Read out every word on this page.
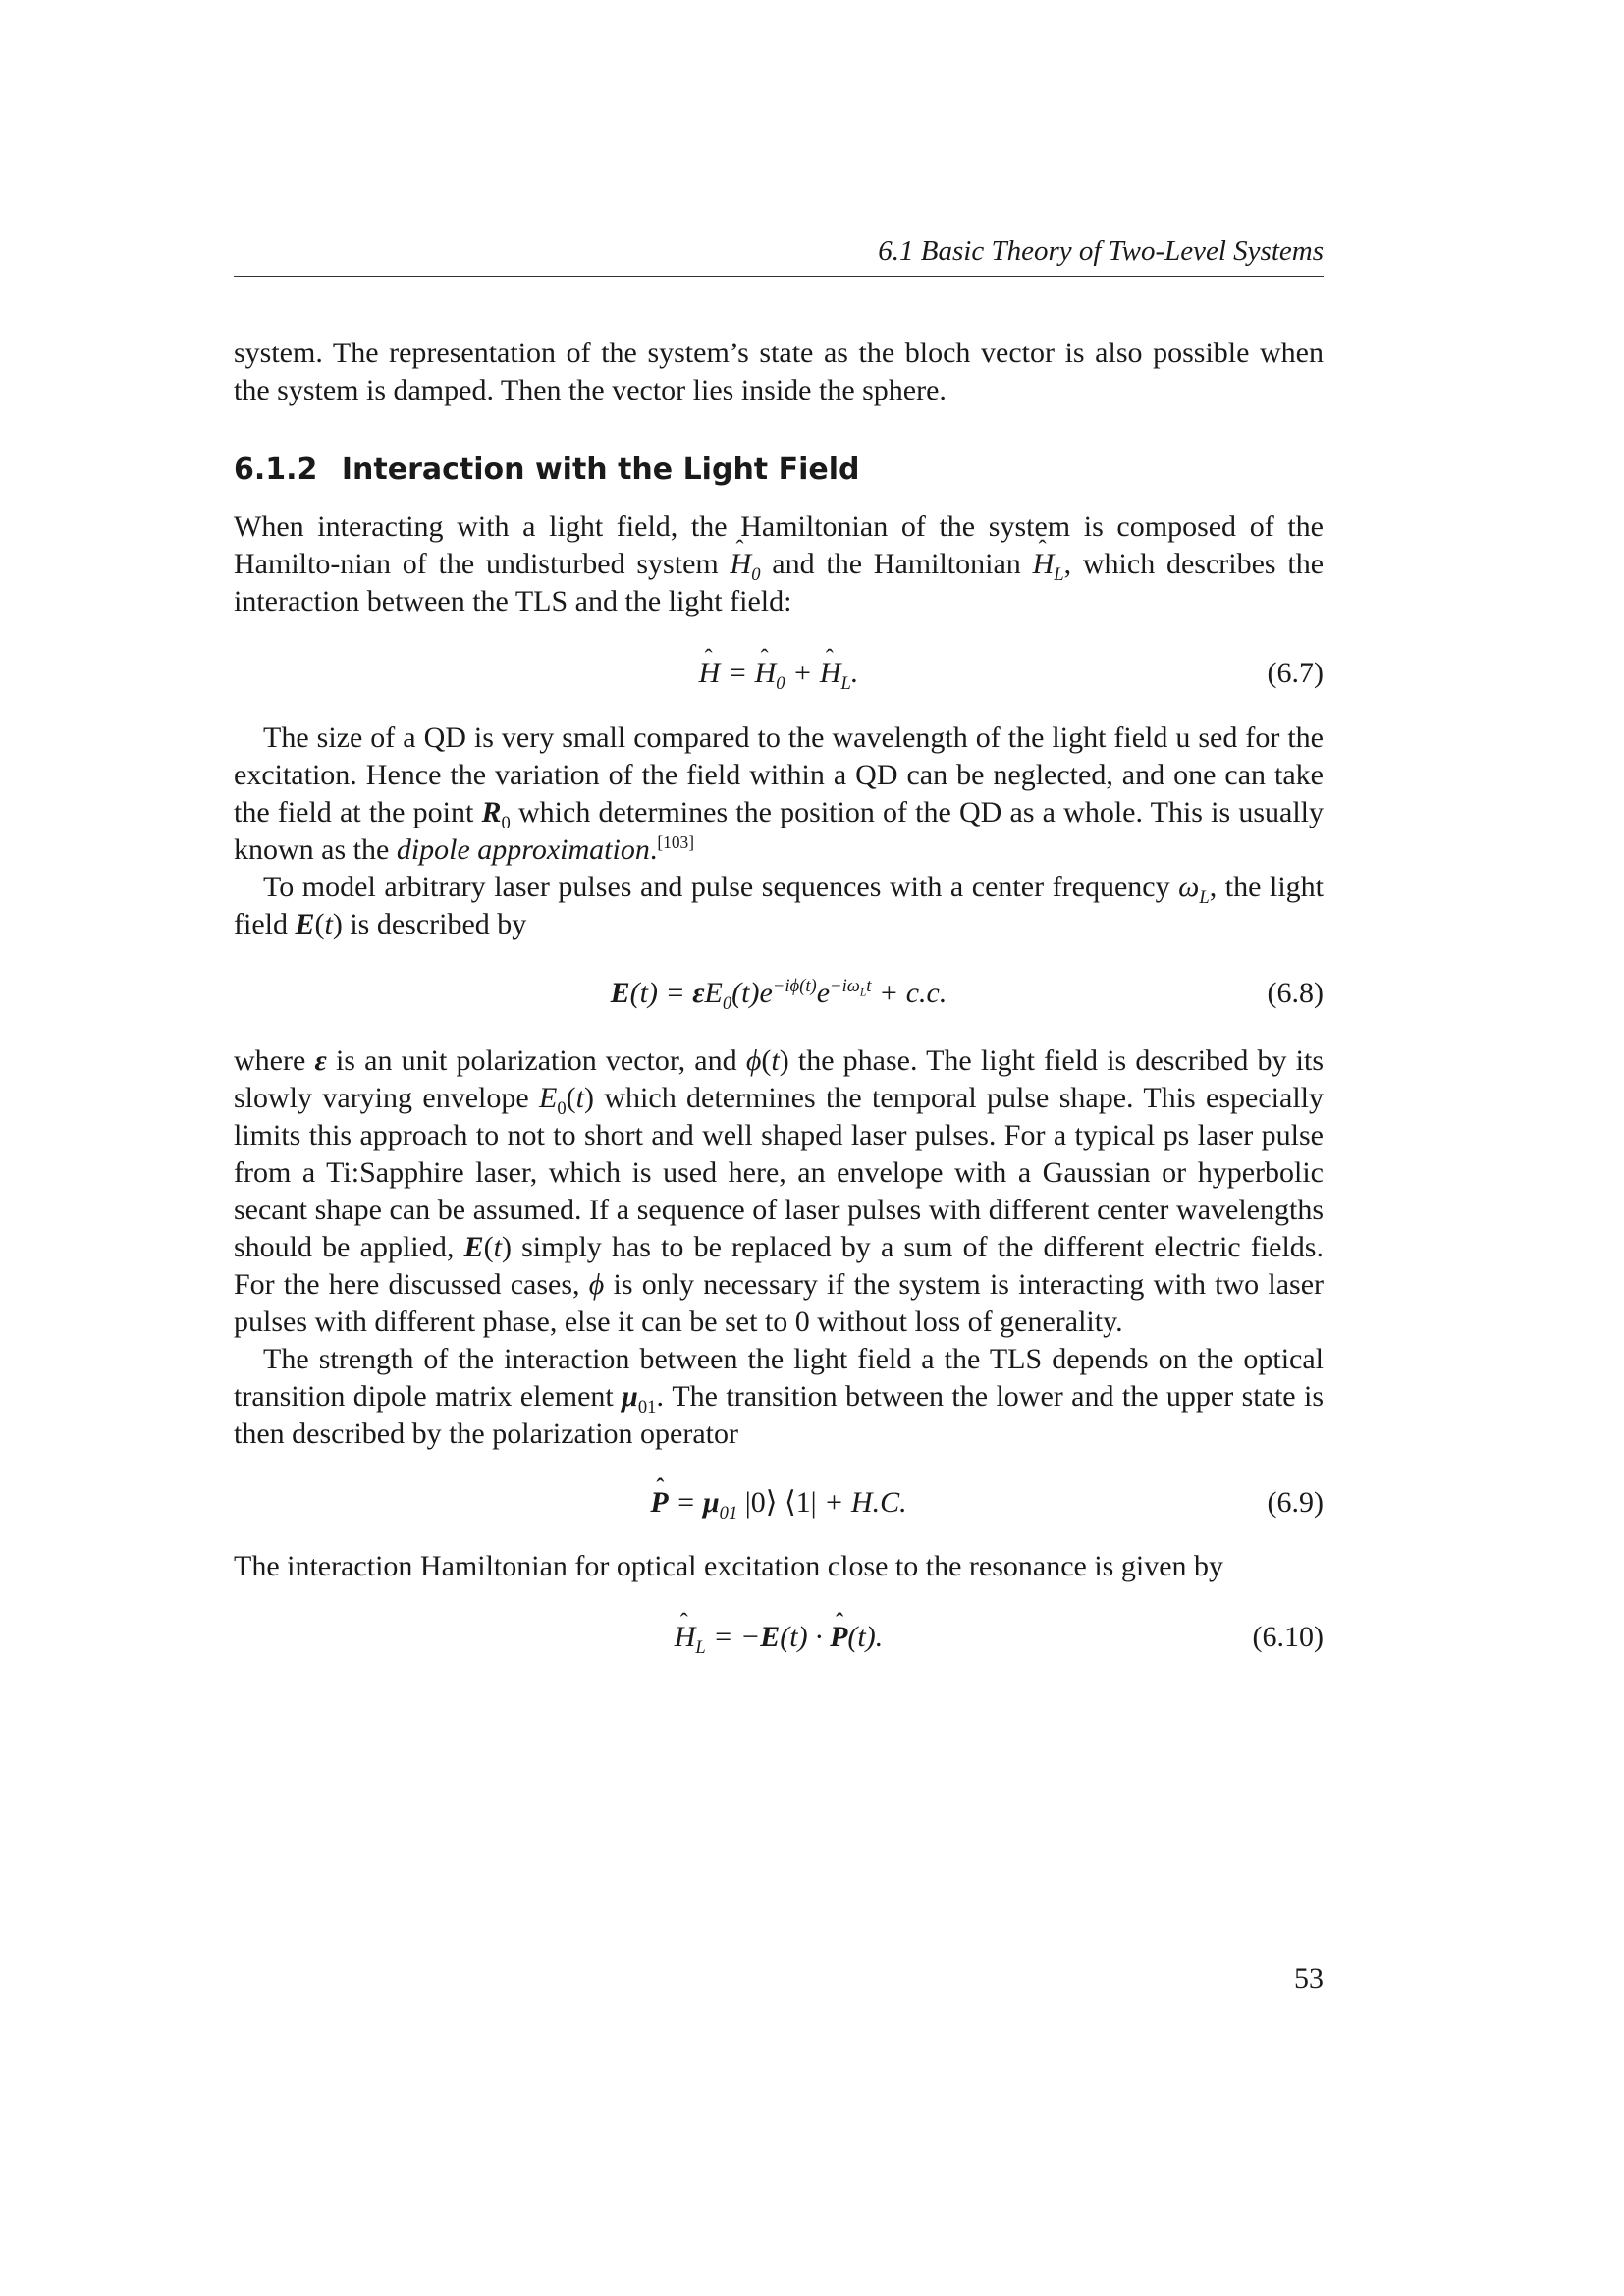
6.1 Basic Theory of Two-Level Systems

system. The representation of the system’s state as the bloch vector is also possible when the system is damped. Then the vector lies inside the sphere.

6.1.2 Interaction with the Light Field

When interacting with a light field, the Hamiltonian of the system is composed of the Hamilto-nian of the undisturbed system ˆ $H_0$ and the Hamiltonian ˆ $H_L$, which describes the interaction between the TLS and the light field:

ˆ H = ˆ $H_0$ + ˆ $H_L$.	(6.7)

The size of a QD is very small compared to the wavelength of the light field u sed for the excitation. Hence the variation of the field within a QD can be neglected, and one can take the field at the point $R_0$ which determines the position of the QD as a whole. This is usually known as the dipole approximation.[103]

To model arbitrary laser pulses and pulse sequences with a center frequency $\omega_L$, the light field E(t) is described by

$E(t) = \varepsilon E_0(t)e^{-i\phi(t)}e^{-i\omega_Lt} + c.c$.	(6.8)

where ε is an unit polarization vector, and ϕ(t) the phase. The light field is described by its slowly varying envelope $E_0(t)$ which determines the temporal pulse shape. This especially limits this approach to not to short and well shaped laser pulses. For a typical ps laser pulse from a Ti:Sapphire laser, which is used here, an envelope with a Gaussian or hyperbolic secant shape can be assumed. If a sequence of laser pulses with different center wavelengths should be applied, E(t) simply has to be replaced by a sum of the different electric fields. For the here discussed cases, ϕ is only necessary if the system is interacting with two laser pulses with different phase, else it can be set to 0 without loss of generality.

The strength of the interaction between the light field a the TLS depends on the optical transition dipole matrix element $\mu_{01}$. The transition between the lower and the upper state is then described by the polarization operator

ˆ $P = \mu_{01}$ |0⟩ ⟨1| + H.C.	(6.9)

The interaction Hamiltonian for optical excitation close to the resonance is given by

ˆ $H_L = -E(t)$ · ˆ P(t).	(6.10)
53
